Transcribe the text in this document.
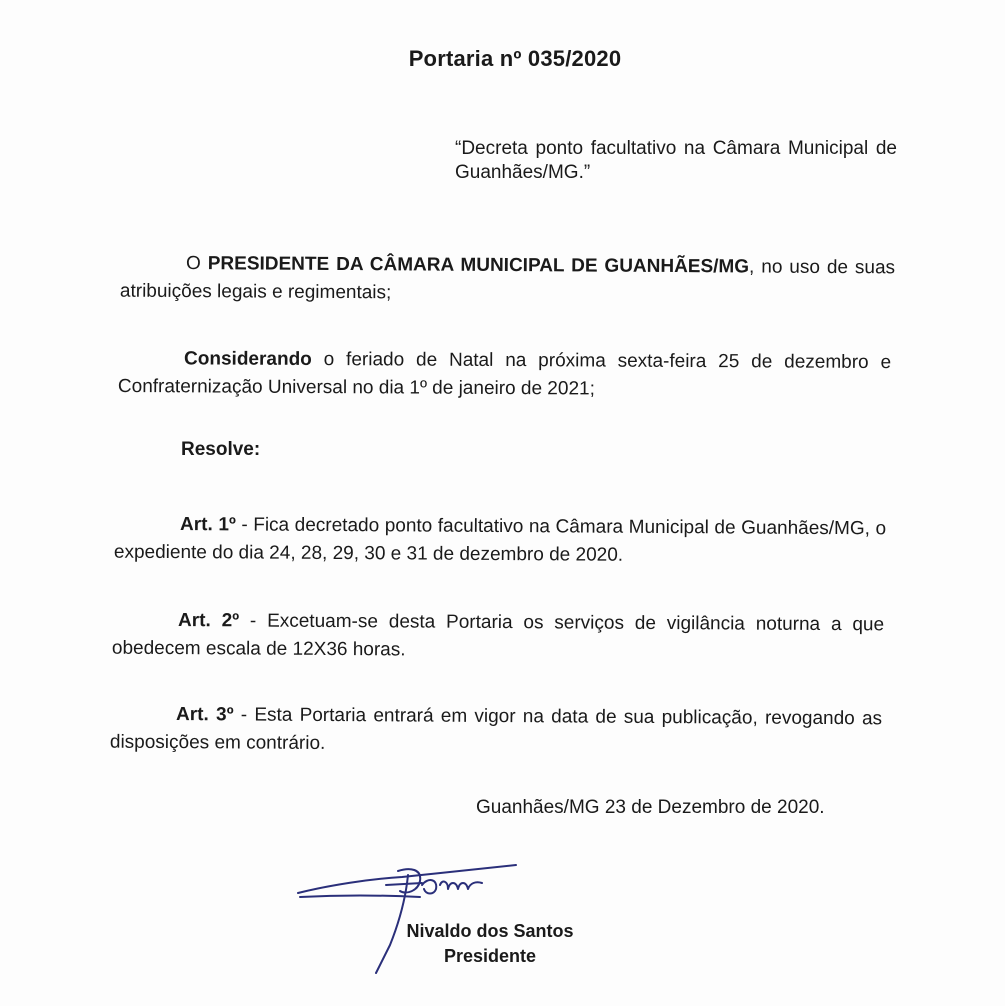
Portaria nº 035/2020
“Decreta ponto facultativo na Câmara Municipal de Guanhães/MG.”
O PRESIDENTE DA CÂMARA MUNICIPAL DE GUANHÃES/MG, no uso de suas atribuições legais e regimentais;
Considerando o feriado de Natal na próxima sexta-feira 25 de dezembro e Confraternização Universal no dia 1º de janeiro de 2021;
Resolve:
Art. 1º - Fica decretado ponto facultativo na Câmara Municipal de Guanhães/MG, o expediente do dia 24, 28, 29, 30 e 31 de dezembro de 2020.
Art. 2º - Excetuam-se desta Portaria os serviços de vigilância noturna a que obedecem escala de 12X36 horas.
Art. 3º - Esta Portaria entrará em vigor na data de sua publicação, revogando as disposições em contrário.
Guanhães/MG 23 de Dezembro de 2020.
Nivaldo dos Santos
Presidente
